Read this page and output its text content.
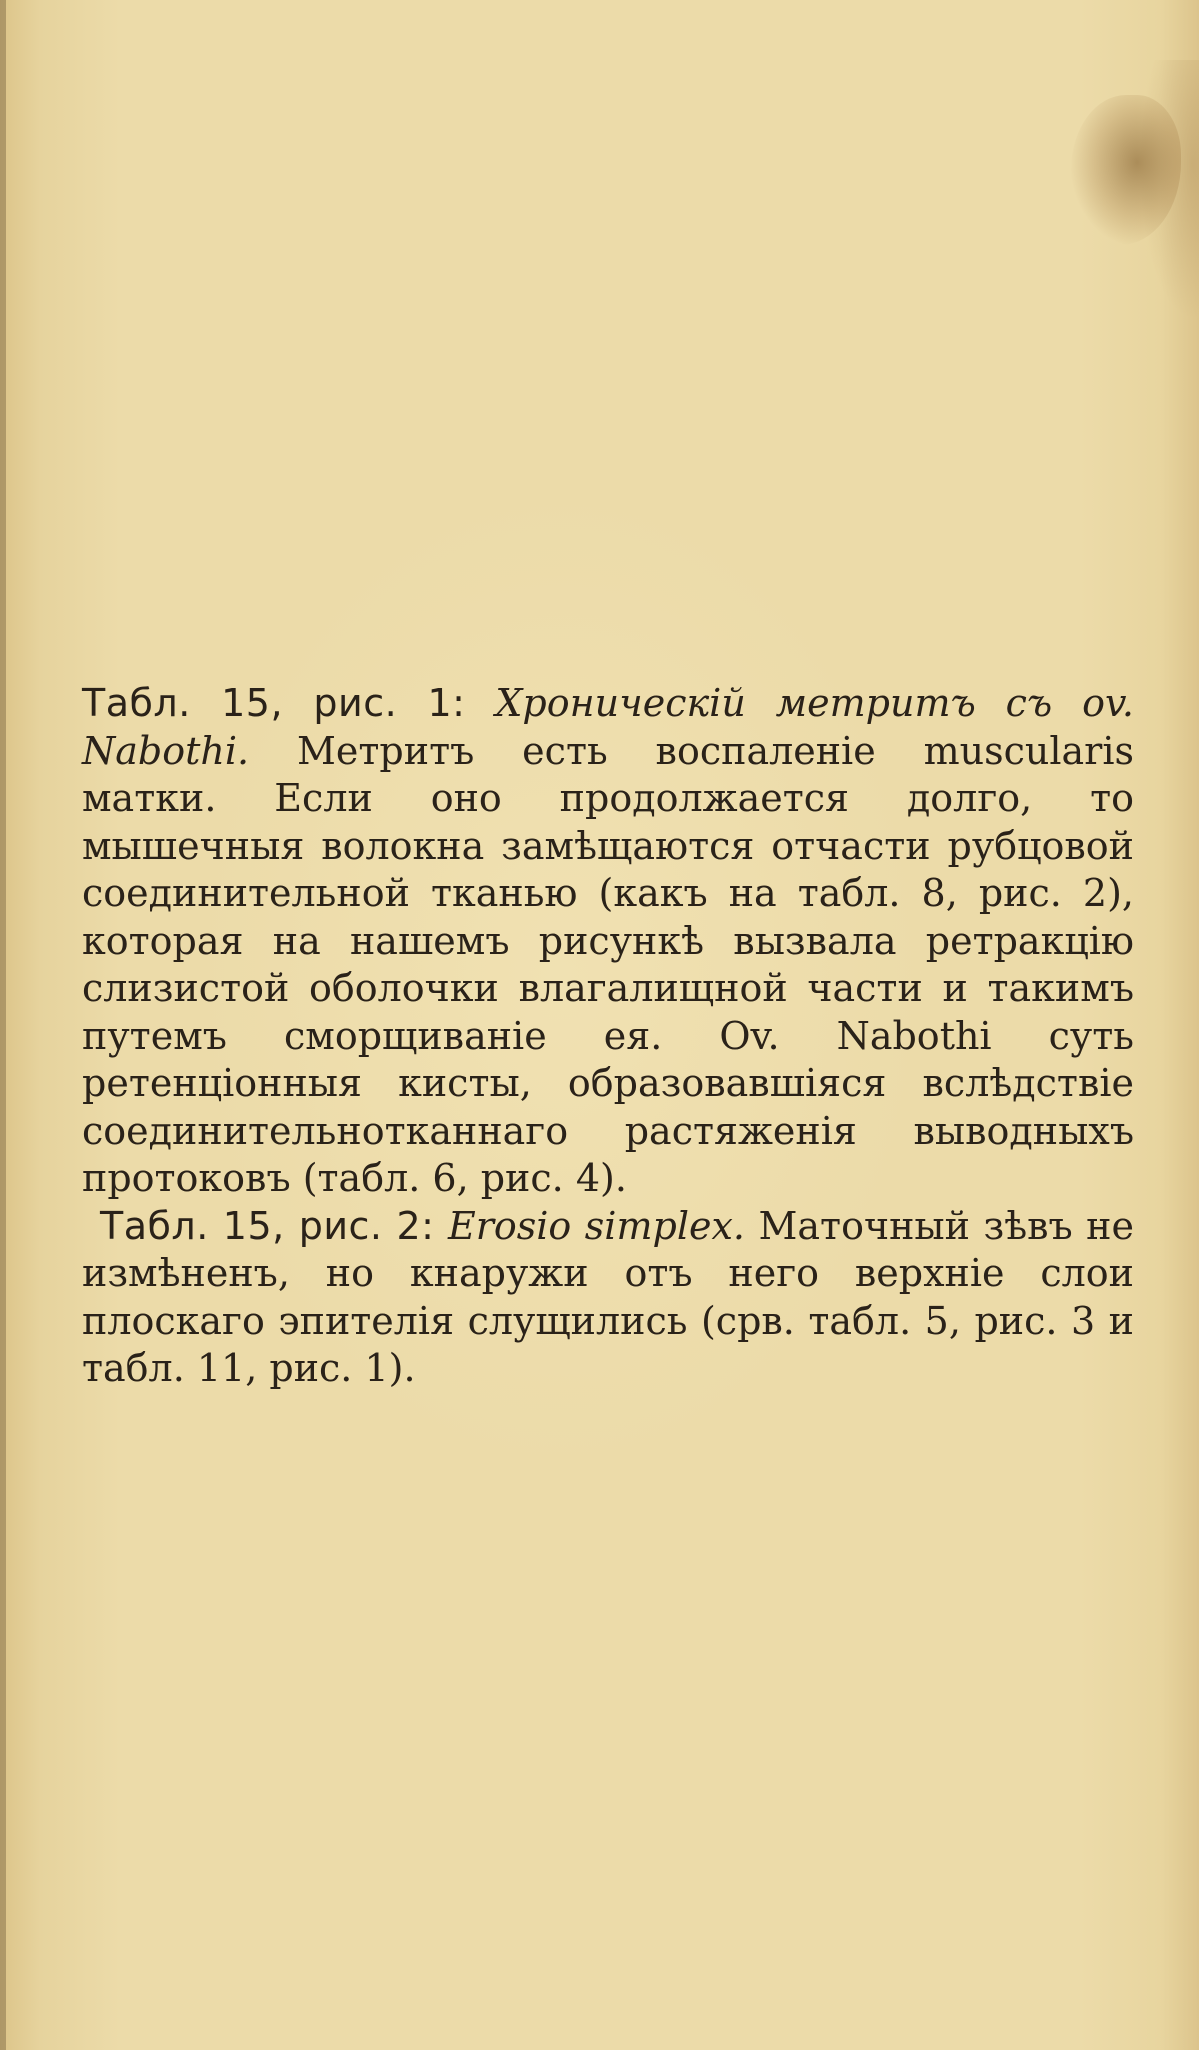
Табл. 15, рис. 1: Хроническій метритъ съ ov. Nabothi. Метритъ есть воспаленіе muscularis матки. Если оно продолжается долго, то мышечныя волокна замѣщаются отчасти рубцовой соединительной тканью (какъ на табл. 8, рис. 2), которая на нашемъ рисункѣ вызвала ретракцію слизистой оболочки влагалищной части и такимъ путемъ сморщиваніе ея. Ov. Nabothi суть ретенціонныя кисты, образовавшіяся вслѣдствіе соединительнотканнаго растяженія выводныхъ протоковъ (табл. 6, рис. 4).

Табл. 15, рис. 2: Erosio simplex. Маточный зѣвъ не измѣненъ, но кнаружи отъ него верхніе слои плоскаго эпителія слущились (срв. табл. 5, рис. 3 и табл. 11, рис. 1).
